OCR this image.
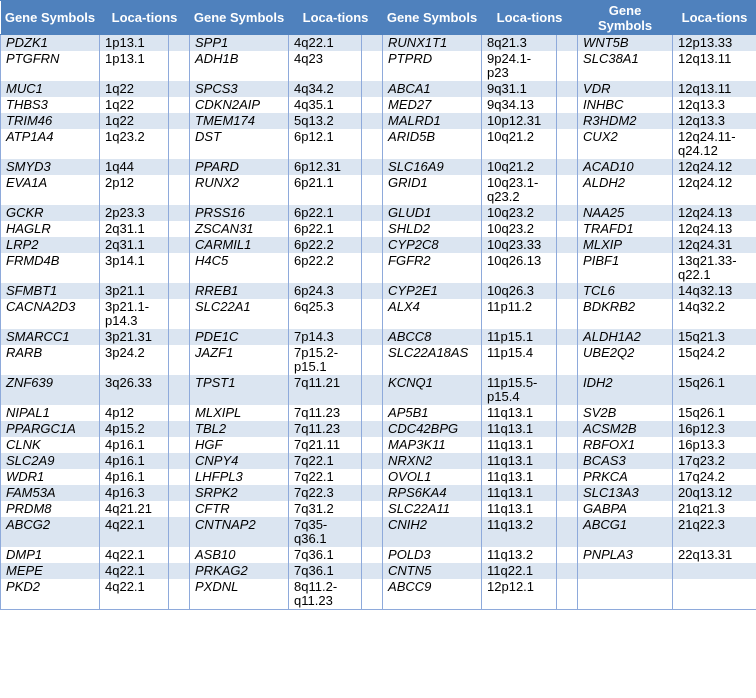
Gene Symbols	Loca-tions		Gene Symbols	Loca-tions		Gene Symbols	Loca-tions		Gene Symbols	Loca-tions
PDZK1	1p13.1		SPP1	4q22.1		RUNX1T1	8q21.3		WNT5B	12p13.33
PTGFRN	1p13.1		ADH1B	4q23		PTPRD	9p24.1-p23		SLC38A1	12q13.11
MUC1	1q22		SPCS3	4q34.2		ABCA1	9q31.1		VDR	12q13.11
THBS3	1q22		CDKN2AIP	4q35.1		MED27	9q34.13		INHBC	12q13.3
TRIM46	1q22		TMEM174	5q13.2		MALRD1	10p12.31		R3HDM2	12q13.3
ATP1A4	1q23.2		DST	6p12.1		ARID5B	10q21.2		CUX2	12q24.11-q24.12
SMYD3	1q44		PPARD	6p12.31		SLC16A9	10q21.2		ACAD10	12q24.12
EVA1A	2p12		RUNX2	6p21.1		GRID1	10q23.1-q23.2		ALDH2	12q24.12
GCKR	2p23.3		PRSS16	6p22.1		GLUD1	10q23.2		NAA25	12q24.13
HAGLR	2q31.1		ZSCAN31	6p22.1		SHLD2	10q23.2		TRAFD1	12q24.13
LRP2	2q31.1		CARMIL1	6p22.2		CYP2C8	10q23.33		MLXIP	12q24.31
FRMD4B	3p14.1		H4C5	6p22.2		FGFR2	10q26.13		PIBF1	13q21.33-q22.1
SFMBT1	3p21.1		RREB1	6p24.3		CYP2E1	10q26.3		TCL6	14q32.13
CACNA2D3	3p21.1-p14.3		SLC22A1	6q25.3		ALX4	11p11.2		BDKRB2	14q32.2
SMARCC1	3p21.31		PDE1C	7p14.3		ABCC8	11p15.1		ALDH1A2	15q21.3
RARB	3p24.2		JAZF1	7p15.2-p15.1		SLC22A18AS	11p15.4		UBE2Q2	15q24.2
ZNF639	3q26.33		TPST1	7q11.21		KCNQ1	11p15.5-p15.4		IDH2	15q26.1
NIPAL1	4p12		MLXIPL	7q11.23		AP5B1	11q13.1		SV2B	15q26.1
PPARGC1A	4p15.2		TBL2	7q11.23		CDC42BPG	11q13.1		ACSM2B	16p12.3
CLNK	4p16.1		HGF	7q21.11		MAP3K11	11q13.1		RBFOX1	16p13.3
SLC2A9	4p16.1		CNPY4	7q22.1		NRXN2	11q13.1		BCAS3	17q23.2
WDR1	4p16.1		LHFPL3	7q22.1		OVOL1	11q13.1		PRKCA	17q24.2
FAM53A	4p16.3		SRPK2	7q22.3		RPS6KA4	11q13.1		SLC13A3	20q13.12
PRDM8	4q21.21		CFTR	7q31.2		SLC22A11	11q13.1		GABPA	21q21.3
ABCG2	4q22.1		CNTNAP2	7q35-q36.1		CNIH2	11q13.2		ABCG1	21q22.3
DMP1	4q22.1		ASB10	7q36.1		POLD3	11q13.2		PNPLA3	22q13.31
MEPE	4q22.1		PRKAG2	7q36.1		CNTN5	11q22.1			
PKD2	4q22.1		PXDNL	8q11.2-q11.23		ABCC9	12p12.1			
